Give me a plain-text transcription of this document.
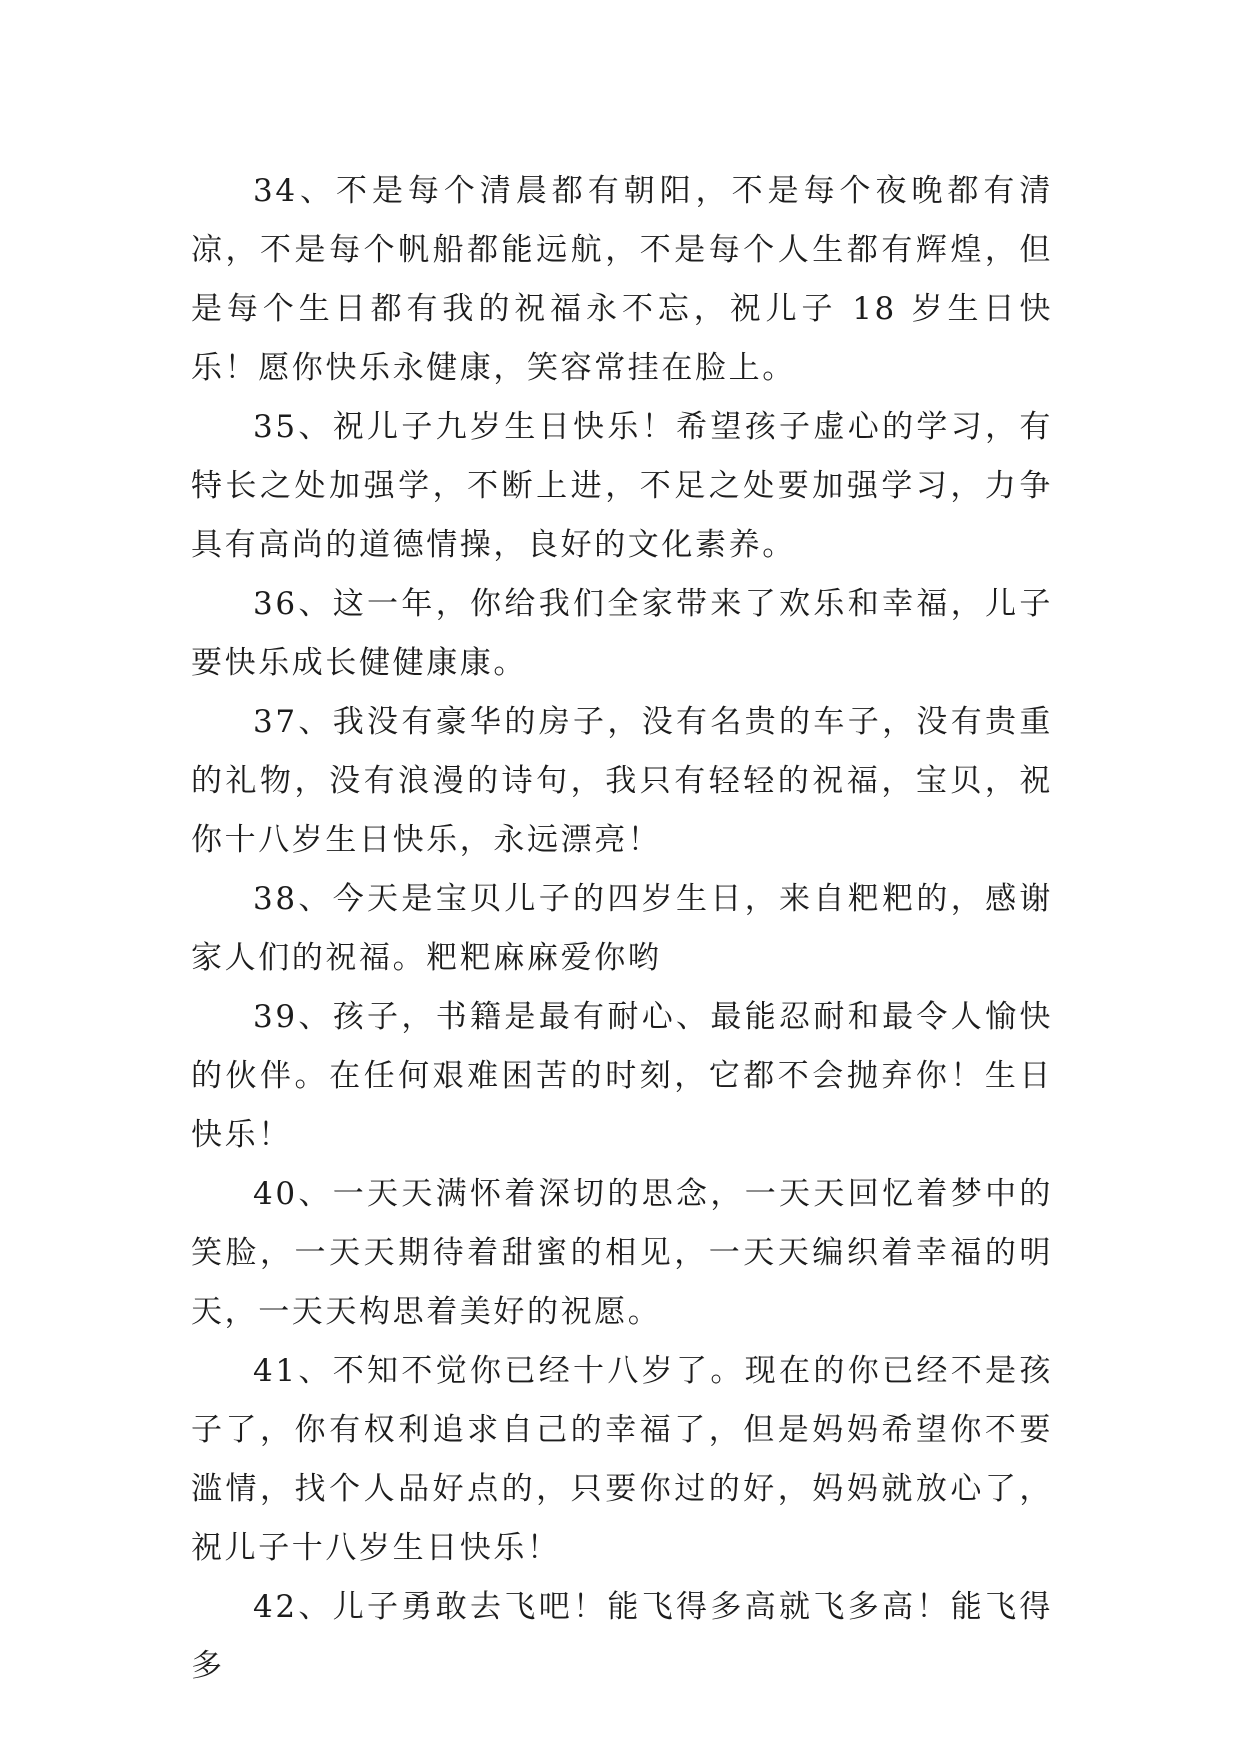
34、不是每个清晨都有朝阳，不是每个夜晚都有清凉，不是每个帆船都能远航，不是每个人生都有辉煌，但是每个生日都有我的祝福永不忘，祝儿子 18 岁生日快乐！愿你快乐永健康，笑容常挂在脸上。

35、祝儿子九岁生日快乐！希望孩子虚心的学习，有特长之处加强学，不断上进，不足之处要加强学习，力争具有高尚的道德情操，良好的文化素养。

36、这一年，你给我们全家带来了欢乐和幸福，儿子要快乐成长健健康康。

37、我没有豪华的房子，没有名贵的车子，没有贵重的礼物，没有浪漫的诗句，我只有轻轻的祝福，宝贝，祝你十八岁生日快乐，永远漂亮！

38、今天是宝贝儿子的四岁生日，来自粑粑的，感谢家人们的祝福。粑粑麻麻爱你哟

39、孩子，书籍是最有耐心、最能忍耐和最令人愉快的伙伴。在任何艰难困苦的时刻，它都不会抛弃你！生日快乐！

40、一天天满怀着深切的思念，一天天回忆着梦中的笑脸，一天天期待着甜蜜的相见，一天天编织着幸福的明天，一天天构思着美好的祝愿。

41、不知不觉你已经十八岁了。现在的你已经不是孩子了，你有权利追求自己的幸福了，但是妈妈希望你不要滥情，找个人品好点的，只要你过的好，妈妈就放心了，祝儿子十八岁生日快乐！

42、儿子勇敢去飞吧！能飞得多高就飞多高！能飞得多
